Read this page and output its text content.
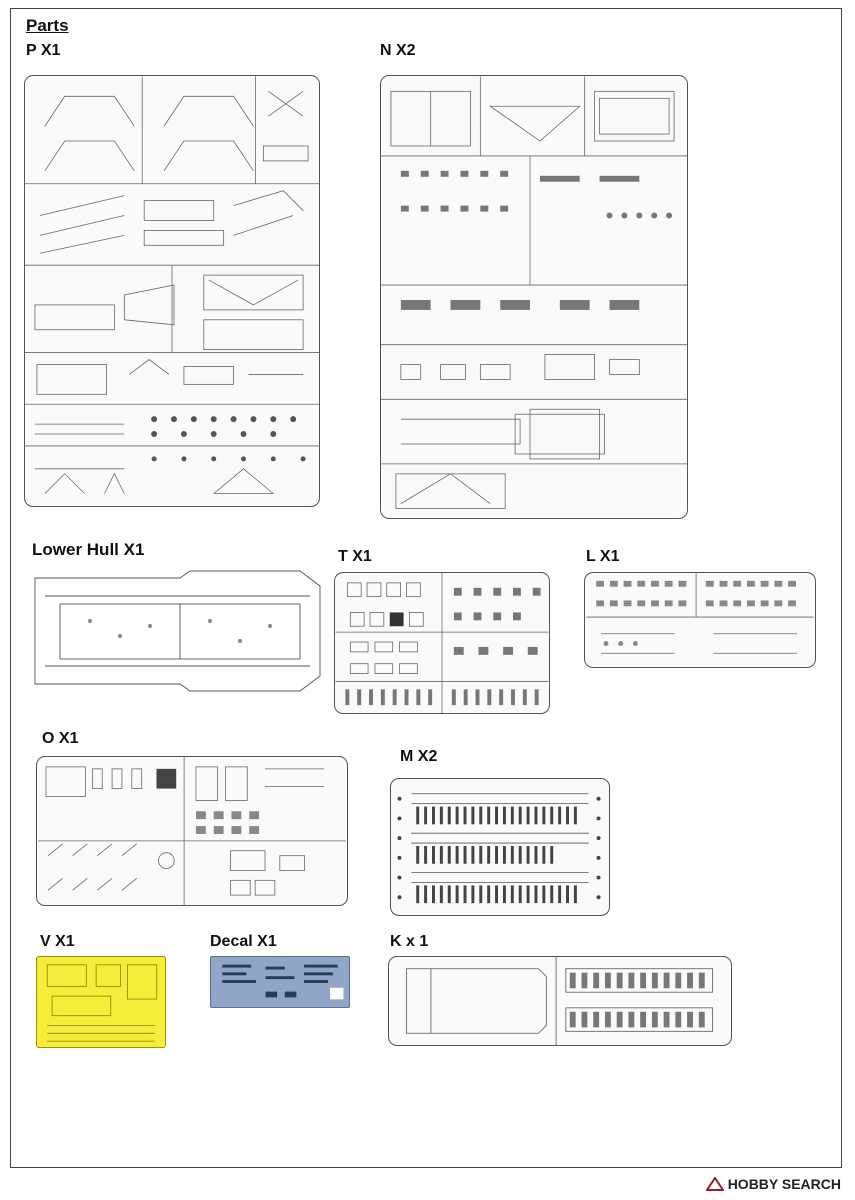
Parts
P X1	N X2
Lower Hull X1	T X1	L X1
O X1
M X2
V X1	Decal X1	K x 1
HOBBY SEARCH
